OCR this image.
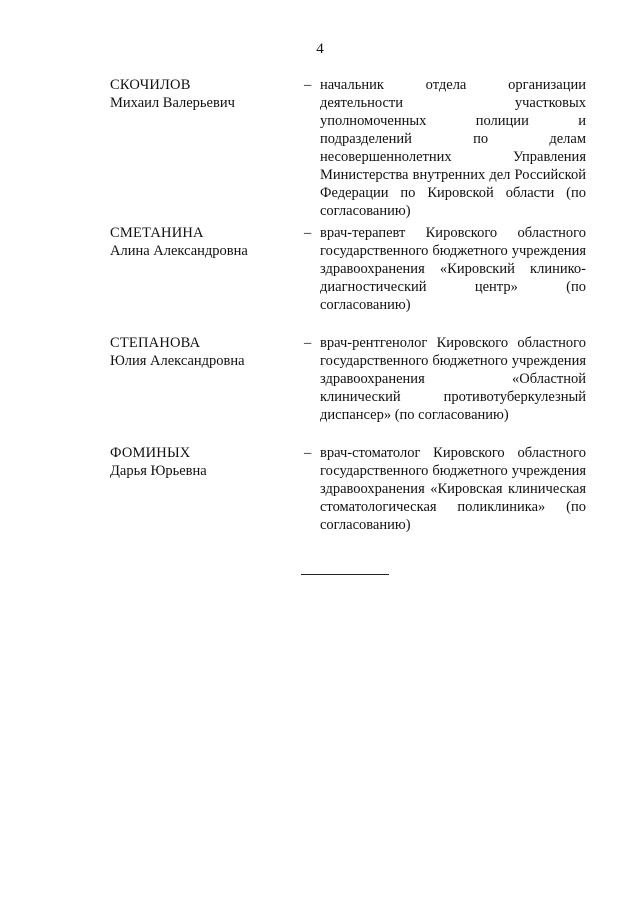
4
СКОЧИЛОВ
Михаил Валерьевич
– начальник отдела организации деятельности участковых уполномоченных полиции и подразделений по делам несовершеннолетних Управления Министерства внутренних дел Российской Федерации по Кировской области (по согласованию)
СМЕТАНИНА
Алина Александровна
– врач-терапевт Кировского областного государственного бюджетного учреждения здравоохранения «Кировский клинико-диагностический центр» (по согласованию)
СТЕПАНОВА
Юлия Александровна
– врач-рентгенолог Кировского областного государственного бюджетного учреждения здравоохранения «Областной клинический противотуберкулезный диспансер» (по согласованию)
ФОМИНЫХ
Дарья Юрьевна
– врач-стоматолог Кировского областного государственного бюджетного учреждения здравоохранения «Кировская клиническая стоматологическая поликлиника» (по согласованию)
